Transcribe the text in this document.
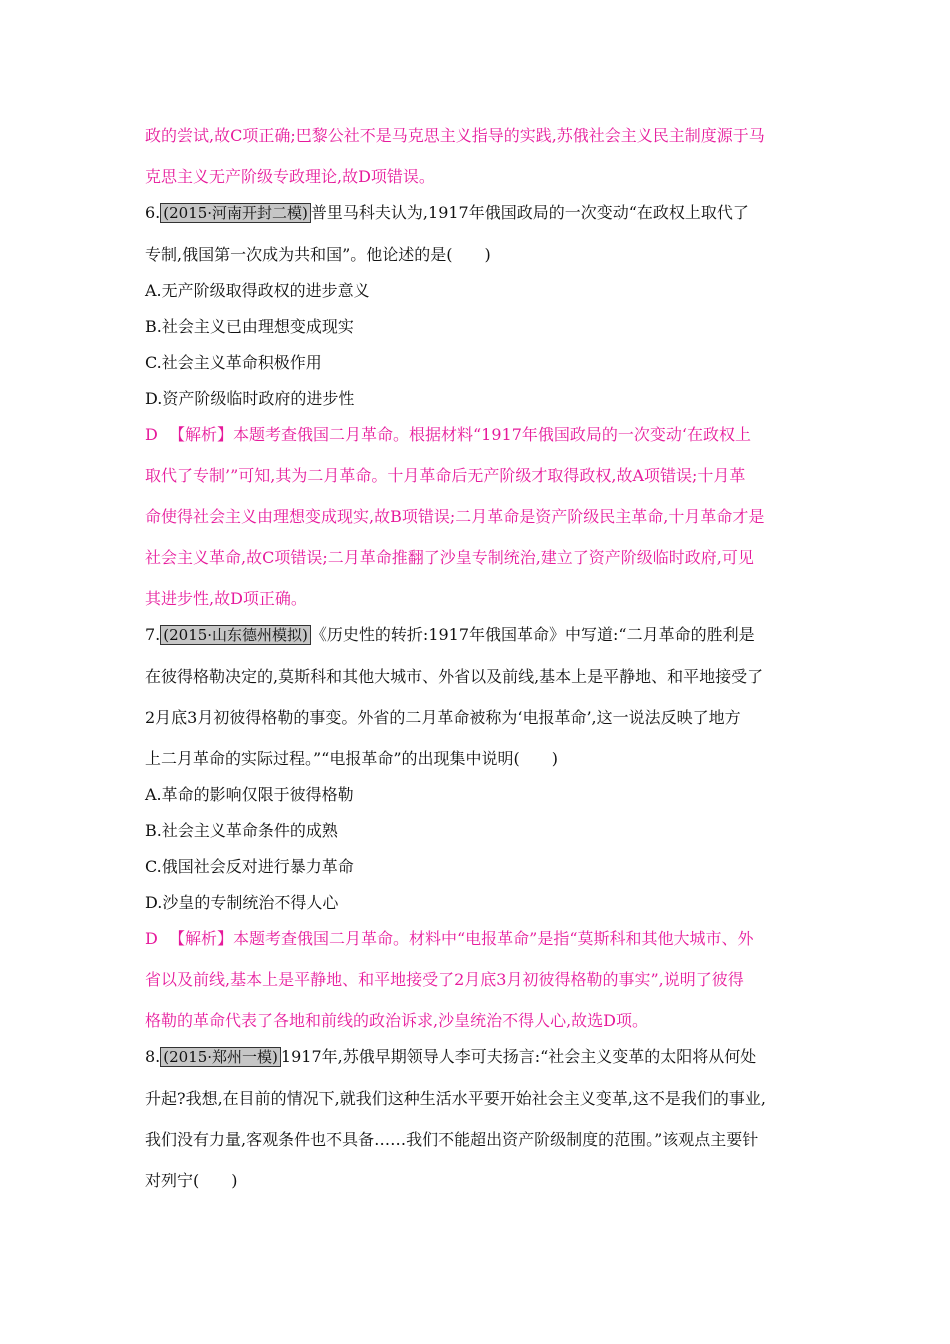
政的尝试,故C项正确;巴黎公社不是马克思主义指导的实践,苏俄社会主义民主制度源于马
克思主义无产阶级专政理论,故D项错误。
6. (2015·河南开封二模) 普里马科夫认为,1917年俄国政局的一次变动“在政权上取代了
专制,俄国第一次成为共和国”。他论述的是(　　)
A.无产阶级取得政权的进步意义
B.社会主义已由理想变成现实
C.社会主义革命积极作用
D.资产阶级临时政府的进步性
D 【解析】本题考查俄国二月革命。根据材料“1917年俄国政局的一次变动‘在政权上
取代了专制’”可知,其为二月革命。十月革命后无产阶级才取得政权,故A项错误;十月革
命使得社会主义由理想变成现实,故B项错误;二月革命是资产阶级民主革命,十月革命才是
社会主义革命,故C项错误;二月革命推翻了沙皇专制统治,建立了资产阶级临时政府,可见
其进步性,故D项正确。
7. (2015·山东德州模拟) 《历史性的转折:1917年俄国革命》中写道:“二月革命的胜利是
在彼得格勒决定的,莫斯科和其他大城市、外省以及前线,基本上是平静地、和平地接受了
2月底3月初彼得格勒的事变。外省的二月革命被称为‘电报革命’,这一说法反映了地方
上二月革命的实际过程。”“电报革命”的出现集中说明(　　)
A.革命的影响仅限于彼得格勒
B.社会主义革命条件的成熟
C.俄国社会反对进行暴力革命
D.沙皇的专制统治不得人心
D 【解析】本题考查俄国二月革命。材料中“电报革命”是指“莫斯科和其他大城市、外
省以及前线,基本上是平静地、和平地接受了2月底3月初彼得格勒的事实”,说明了彼得
格勒的革命代表了各地和前线的政治诉求,沙皇统治不得人心,故选D项。
8. (2015·郑州一模) 1917年,苏俄早期领导人李可夫扬言:“社会主义变革的太阳将从何处
升起?我想,在目前的情况下,就我们这种生活水平要开始社会主义变革,这不是我们的事业,
我们没有力量,客观条件也不具备……我们不能超出资产阶级制度的范围。”该观点主要针
对列宁(　　)
